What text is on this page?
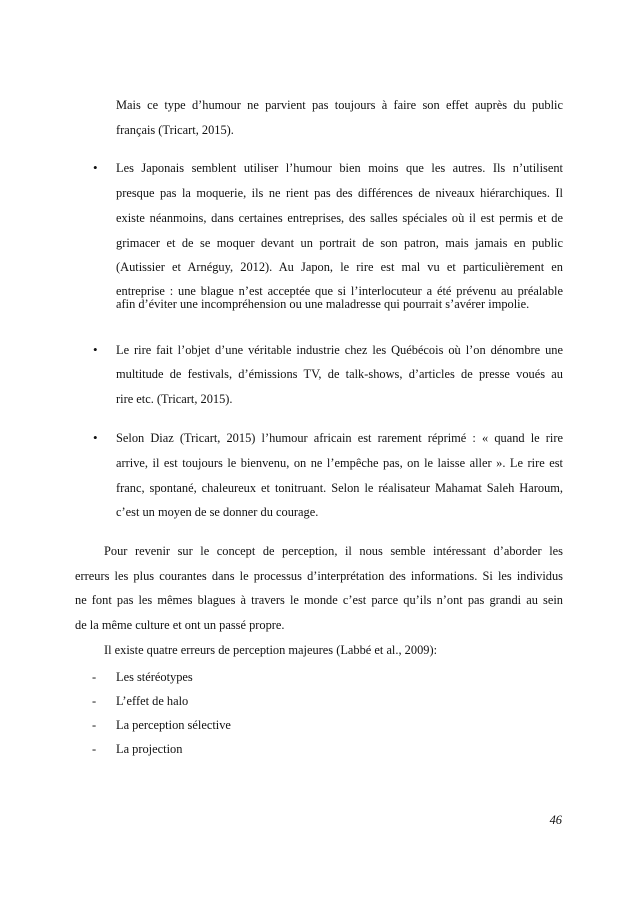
Mais ce type d’humour ne parvient pas toujours à faire son effet auprès du public
français (Tricart, 2015).
• Les Japonais semblent utiliser l’humour bien moins que les autres. Ils n’utilisent
presque pas la moquerie, ils ne rient pas des différences de niveaux hiérarchiques. Il
existe néanmoins, dans certaines entreprises, des salles spéciales où il est permis et de
grimacer et de se moquer devant un portrait de son patron, mais jamais en public
(Autissier et Arnéguy, 2012). Au Japon, le rire est mal vu et particulièrement en
entreprise : une blague n’est acceptée que si l’interlocuteur a été prévenu au préalable
afin d’éviter une incompréhension ou une maladresse qui pourrait s’avérer impolie.
• Le rire fait l’objet d’une véritable industrie chez les Québécois où l’on dénombre une
multitude de festivals, d’émissions TV, de talk-shows, d’articles de presse voués au
rire etc. (Tricart, 2015).
• Selon Diaz (Tricart, 2015) l’humour africain est rarement réprimé : « quand le rire
arrive, il est toujours le bienvenu, on ne l’empêche pas, on le laisse aller ». Le rire est
franc, spontané, chaleureux et tonitruant. Selon le réalisateur Mahamat Saleh Haroum,
c’est un moyen de se donner du courage.
Pour revenir sur le concept de perception, il nous semble intéressant d’aborder les
erreurs les plus courantes dans le processus d’interprétation des informations. Si les individus
ne font pas les mêmes blagues à travers le monde c’est parce qu’ils n’ont pas grandi au sein
de la même culture et ont un passé propre.
Il existe quatre erreurs de perception majeures (Labbé et al., 2009):
- Les stéréotypes
- L’effet de halo
- La perception sélective
- La projection
46
